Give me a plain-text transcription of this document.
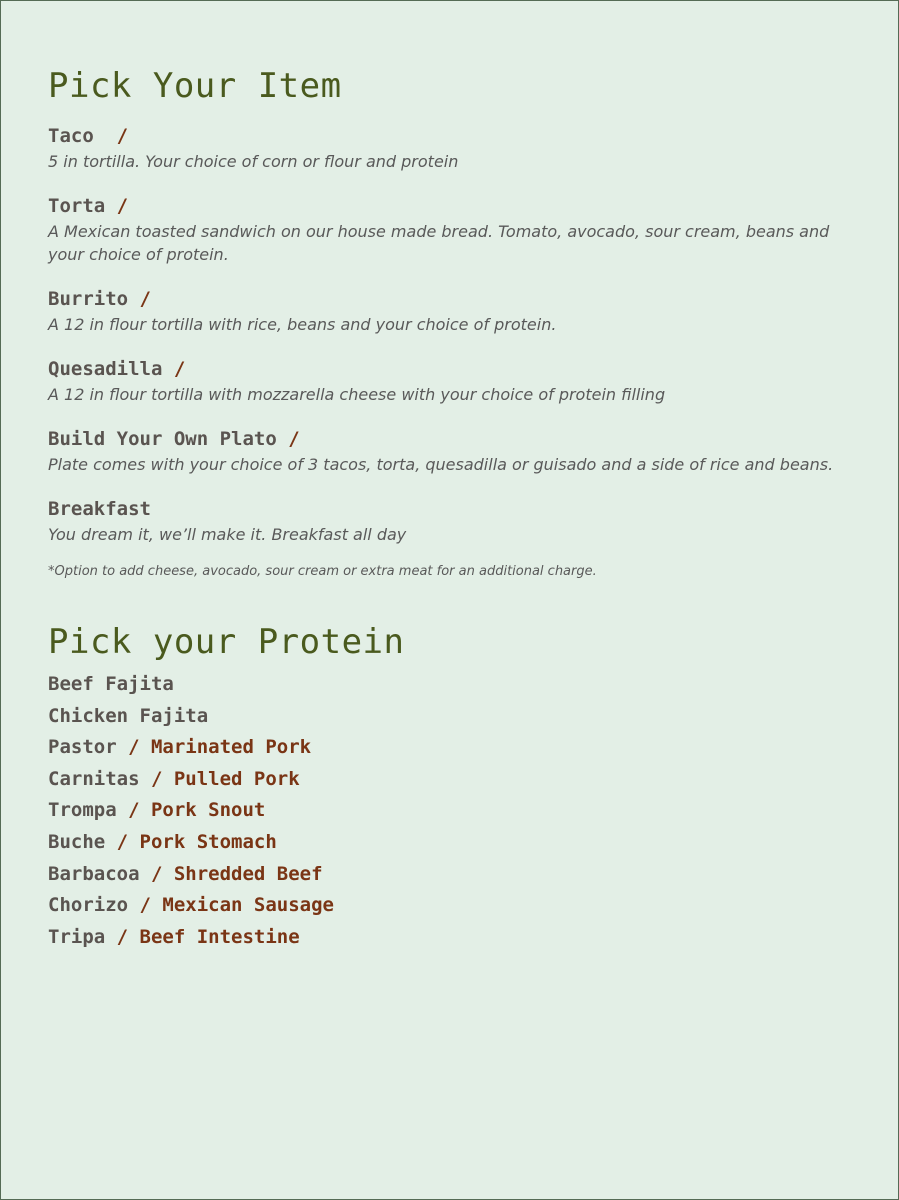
Pick Your Item
Taco  /
5 in tortilla. Your choice of corn or flour and protein
Torta /
A Mexican toasted sandwich on our house made bread. Tomato, avocado, sour cream, beans and your choice of protein.
Burrito /
A 12 in flour tortilla with rice, beans and your choice of protein.
Quesadilla /
A 12 in flour tortilla with mozzarella cheese with your choice of protein filling
Build Your Own Plato /
Plate comes with your choice of 3 tacos, torta, quesadilla or guisado and a side of rice and beans.
Breakfast
You dream it, we’ll make it. Breakfast all day
*Option to add cheese, avocado, sour cream or extra meat for an additional charge.
Pick your Protein
Beef Fajita
Chicken Fajita
Pastor / Marinated Pork
Carnitas / Pulled Pork
Trompa / Pork Snout
Buche / Pork Stomach
Barbacoa / Shredded Beef
Chorizo / Mexican Sausage
Tripa / Beef Intestine
